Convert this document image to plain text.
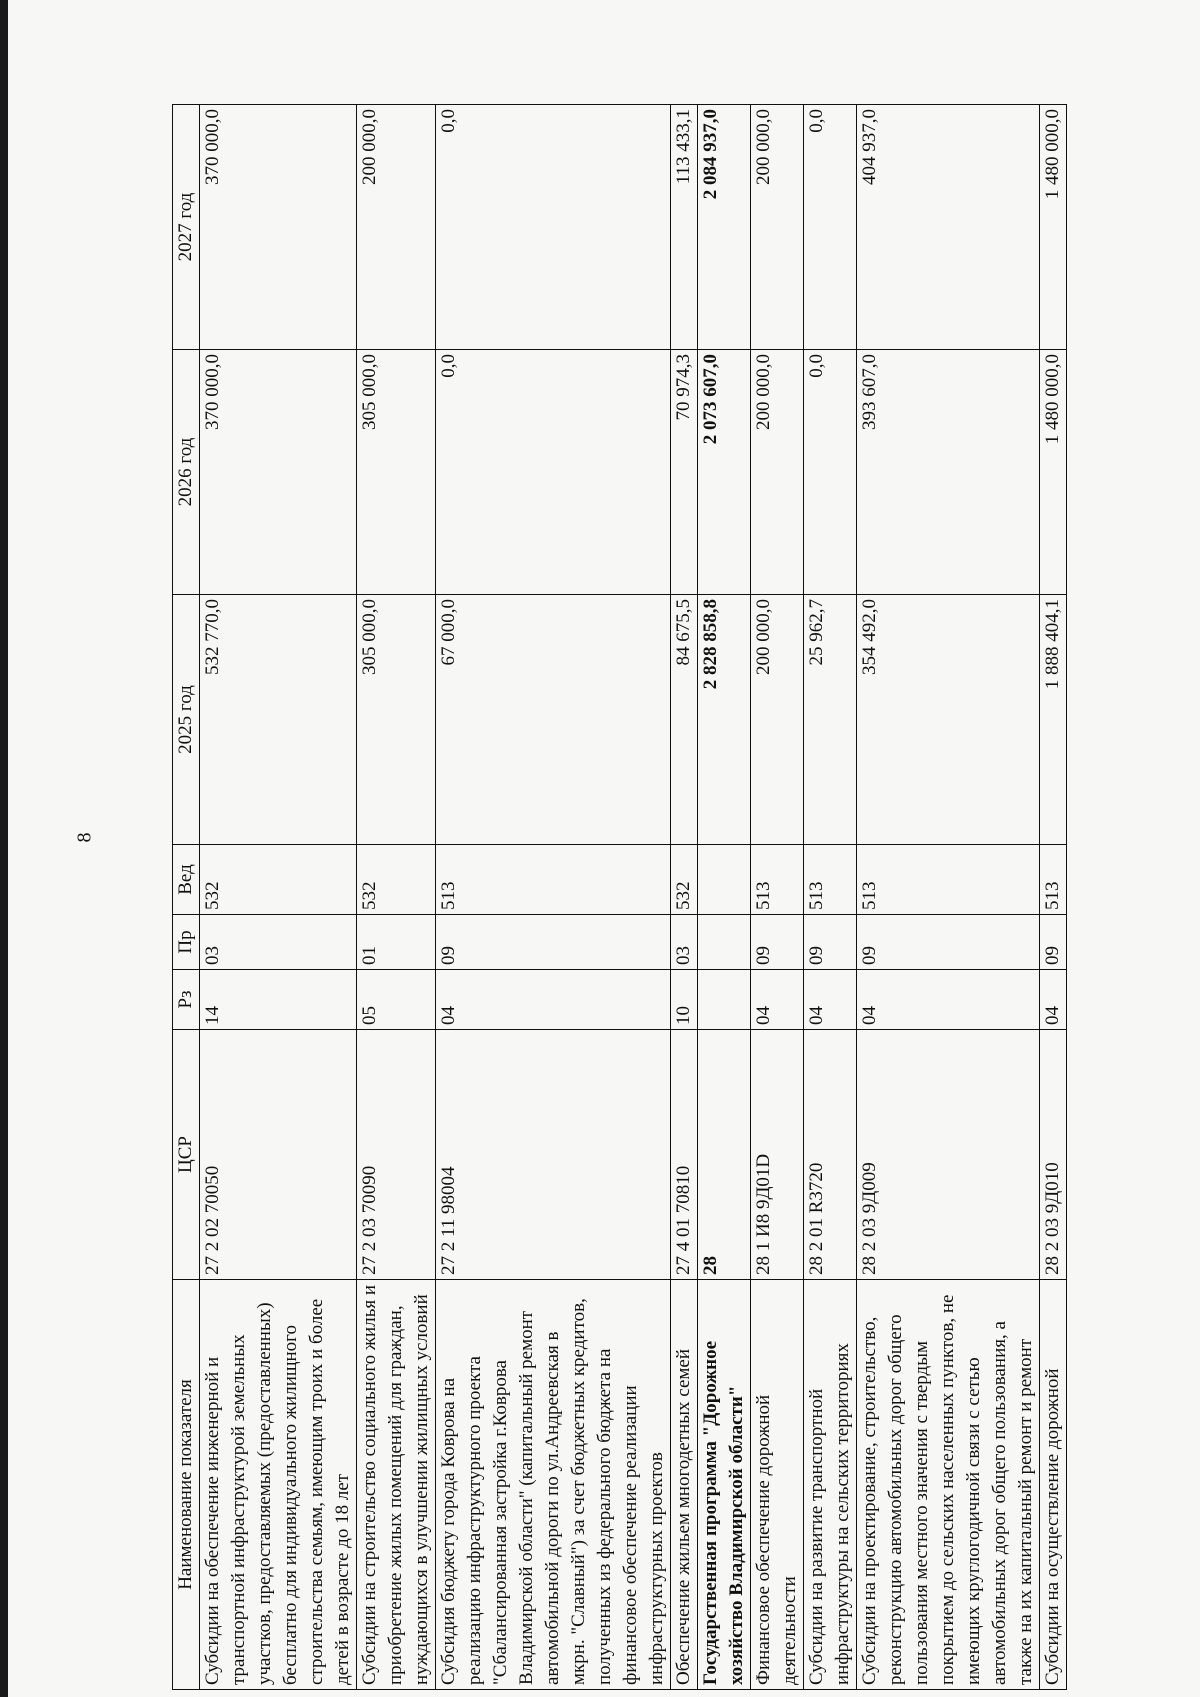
8
Наименование показателя	ЦСР	Рз	Пр	Вед	2025 год	2026 год	2027 год
Субсидии на обеспечение инженерной и транспортной инфраструктурой земельных участков, предоставляемых (предоставленных) бесплатно для индивидуального жилищного строительства семьям, имеющим троих и более детей в возрасте до 18 лет	27 2 02 70050	14	03	532	532 770,0	370 000,0	370 000,0
Субсидии на строительство социального жилья и приобретение жилых помещений для граждан, нуждающихся в улучшении жилищных условий	27 2 03 70090	05	01	532	305 000,0	305 000,0	200 000,0
Субсидия бюджету города Коврова на реализацию инфраструктурного проекта "Сбалансированная застройка г.Коврова Владимирской области" (капитальный ремонт автомобильной дороги по ул.Андреевская в мкрн. "Славный") за счет бюджетных кредитов, полученных из федерального бюджета на финансовое обеспечение реализации инфраструктурных проектов	27 2 11 98004	04	09	513	67 000,0	0,0	0,0
Обеспечение жильем многодетных семей	27 4 01 70810	10	03	532	84 675,5	70 974,3	113 433,1
Государственная программа "Дорожное хозяйство Владимирской области"	28				2 828 858,8	2 073 607,0	2 084 937,0
Финансовое обеспечение дорожной деятельности	28 1 И8 9Д01D	04	09	513	200 000,0	200 000,0	200 000,0
Субсидии на развитие транспортной инфраструктуры на сельских территориях	28 2 01 R3720	04	09	513	25 962,7	0,0	0,0
Субсидии на проектирование, строительство, реконструкцию автомобильных дорог общего пользования местного значения с твердым покрытием до сельских населенных пунктов, не имеющих круглогодичной связи с сетью автомобильных дорог общего пользования, а также на их капитальный ремонт и ремонт	28 2 03 9Д009	04	09	513	354 492,0	393 607,0	404 937,0
Субсидии на осуществление дорожной	28 2 03 9Д010	04	09	513	1 888 404,1	1 480 000,0	1 480 000,0
